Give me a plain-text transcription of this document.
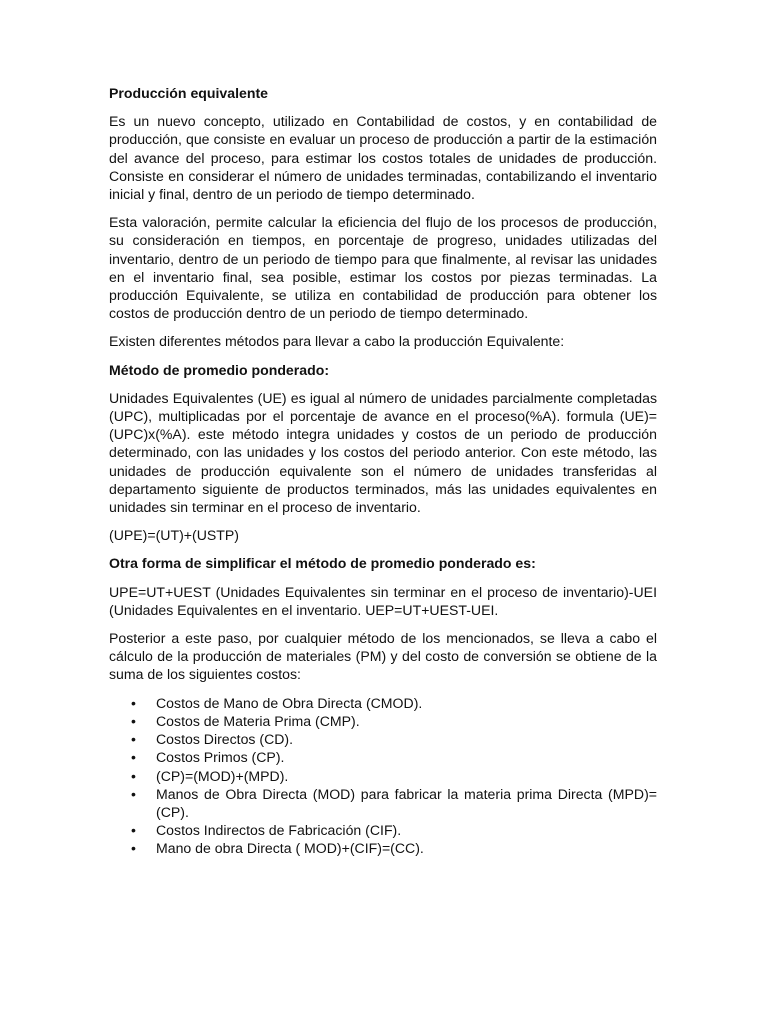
Producción equivalente

Es un nuevo concepto, utilizado en Contabilidad de costos, y en contabilidad de producción, que consiste en evaluar un proceso de producción a partir de la estimación del avance del proceso, para estimar los costos totales de unidades de producción. Consiste en considerar el número de unidades terminadas, contabilizando el inventario inicial y final, dentro de un periodo de tiempo determinado.

Esta valoración, permite calcular la eficiencia del flujo de los procesos de producción, su consideración en tiempos, en porcentaje de progreso, unidades utilizadas del inventario, dentro de un periodo de tiempo para que finalmente, al revisar las unidades en el inventario final, sea posible, estimar los costos por piezas terminadas. La producción Equivalente, se utiliza en contabilidad de producción para obtener los costos de producción dentro de un periodo de tiempo determinado.

Existen diferentes métodos para llevar a cabo la producción Equivalente:

Método de promedio ponderado:

Unidades Equivalentes (UE) es igual al número de unidades parcialmente completadas (UPC), multiplicadas por el porcentaje de avance en el proceso(%A). formula (UE)=(UPC)x(%A). este método integra unidades y costos de un periodo de producción determinado, con las unidades y los costos del periodo anterior. Con este método, las unidades de producción equivalente son el número de unidades transferidas al departamento siguiente de productos terminados, más las unidades equivalentes en unidades sin terminar en el proceso de inventario.

(UPE)=(UT)+(USTP)

Otra forma de simplificar el método de promedio ponderado es:

UPE=UT+UEST (Unidades Equivalentes sin terminar en el proceso de inventario)-UEI (Unidades Equivalentes en el inventario. UEP=UT+UEST-UEI.

Posterior a este paso, por cualquier método de los mencionados, se lleva a cabo el cálculo de la producción de materiales (PM) y del costo de conversión se obtiene de la suma de los siguientes costos:

• Costos de Mano de Obra Directa (CMOD).
• Costos de Materia Prima (CMP).
• Costos Directos (CD).
• Costos Primos (CP).
• (CP)=(MOD)+(MPD).
• Manos de Obra Directa (MOD) para fabricar la materia prima Directa (MPD)=(CP).
• Costos Indirectos de Fabricación (CIF).
• Mano de obra Directa ( MOD)+(CIF)=(CC).
